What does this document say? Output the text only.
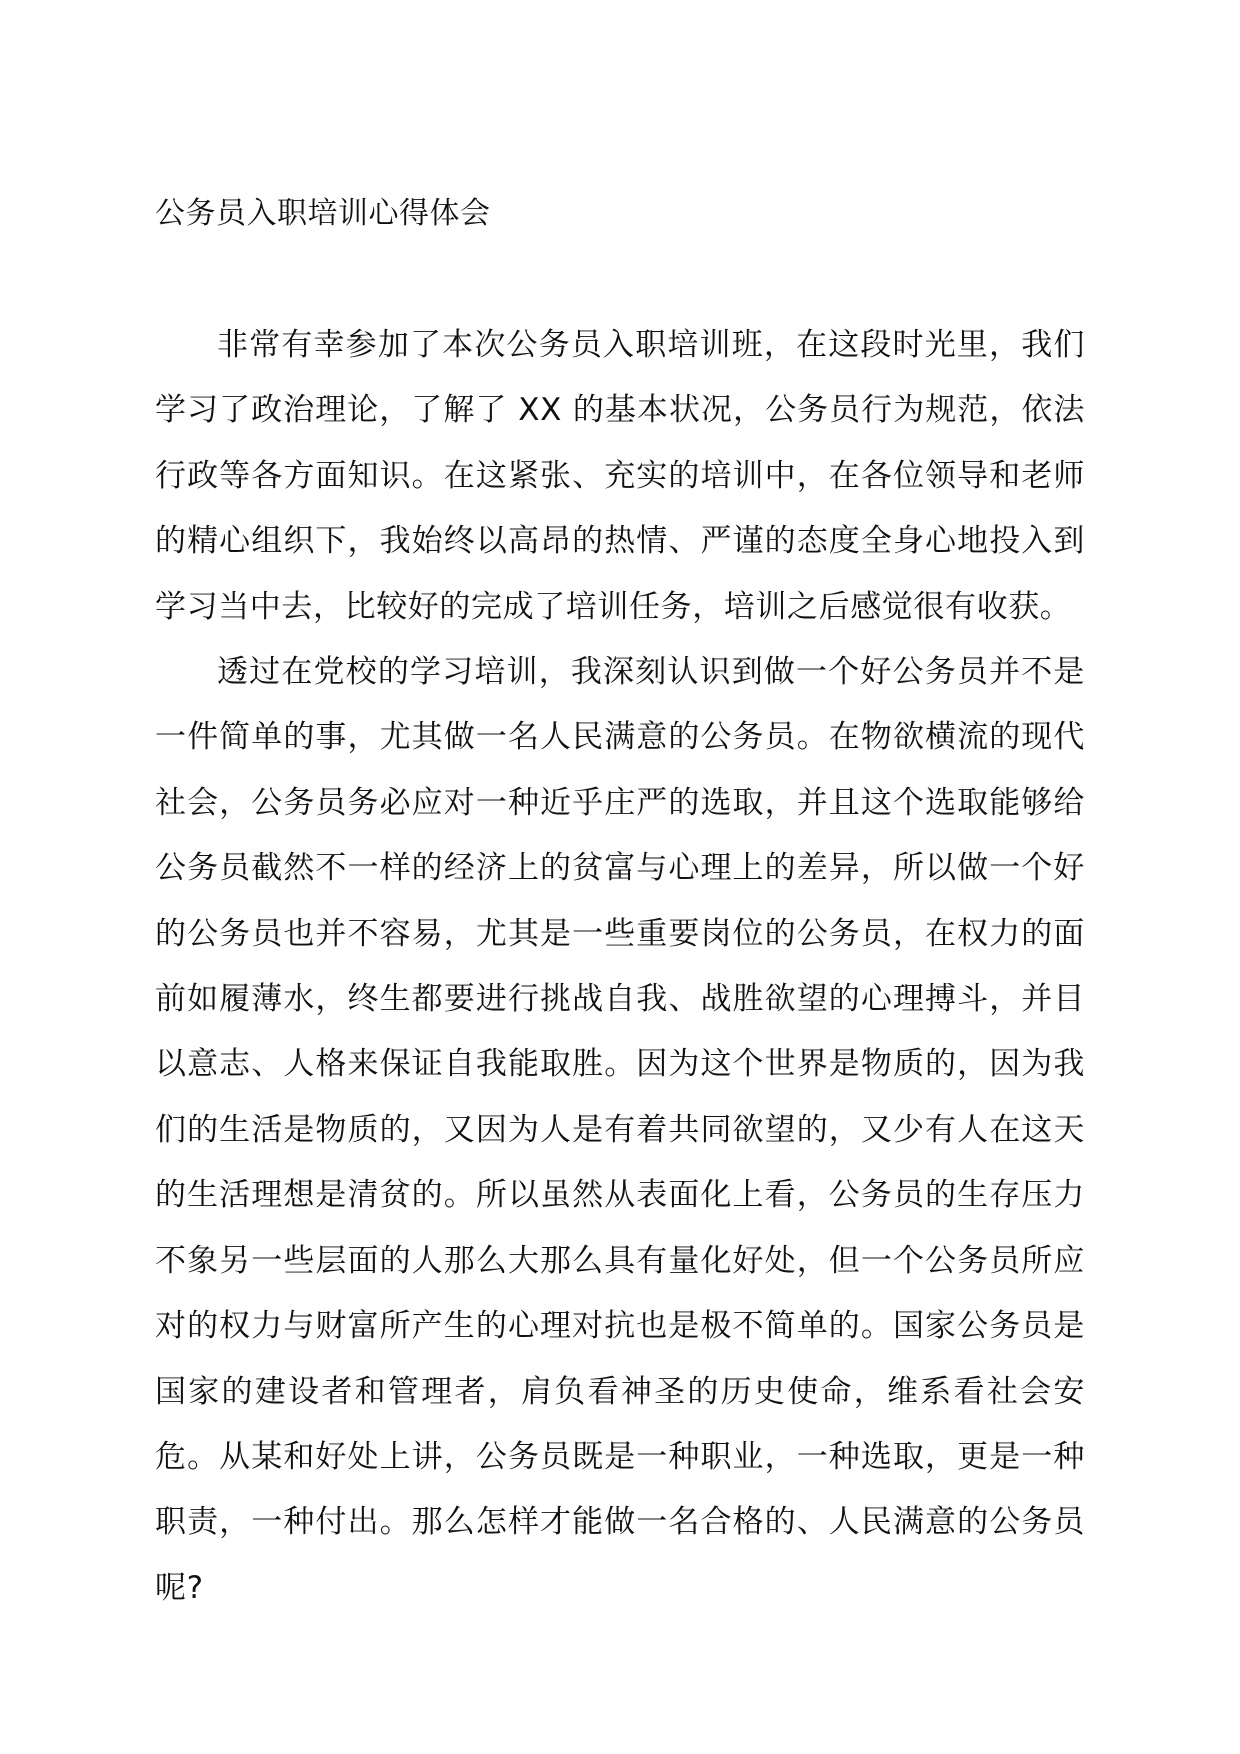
公务员入职培训心得体会

非常有幸参加了本次公务员入职培训班，在这段时光里，我们学习了政治理论，了解了 XX 的基本状况，公务员行为规范，依法行政等各方面知识。在这紧张、充实的培训中，在各位领导和老师的精心组织下，我始终以高昂的热情、严谨的态度全身心地投入到学习当中去，比较好的完成了培训任务，培训之后感觉很有收获。

透过在党校的学习培训，我深刻认识到做一个好公务员并不是一件简单的事，尤其做一名人民满意的公务员。在物欲横流的现代社会，公务员务必应对一种近乎庄严的选取，并且这个选取能够给公务员截然不一样的经济上的贫富与心理上的差异，所以做一个好的公务员也并不容易，尤其是一些重要岗位的公务员，在权力的面前如履薄水，终生都要进行挑战自我、战胜欲望的心理搏斗，并目以意志、人格来保证自我能取胜。因为这个世界是物质的，因为我们的生活是物质的，又因为人是有着共同欲望的，又少有人在这天的生活理想是清贫的。所以虽然从表面化上看，公务员的生存压力不象另一些层面的人那么大那么具有量化好处，但一个公务员所应对的权力与财富所产生的心理对抗也是极不简单的。国家公务员是国家的建设者和管理者，肩负看神圣的历史使命，维系看社会安危。从某和好处上讲，公务员既是一种职业，一种选取，更是一种职责，一种付出。那么怎样才能做一名合格的、人民满意的公务员呢?
